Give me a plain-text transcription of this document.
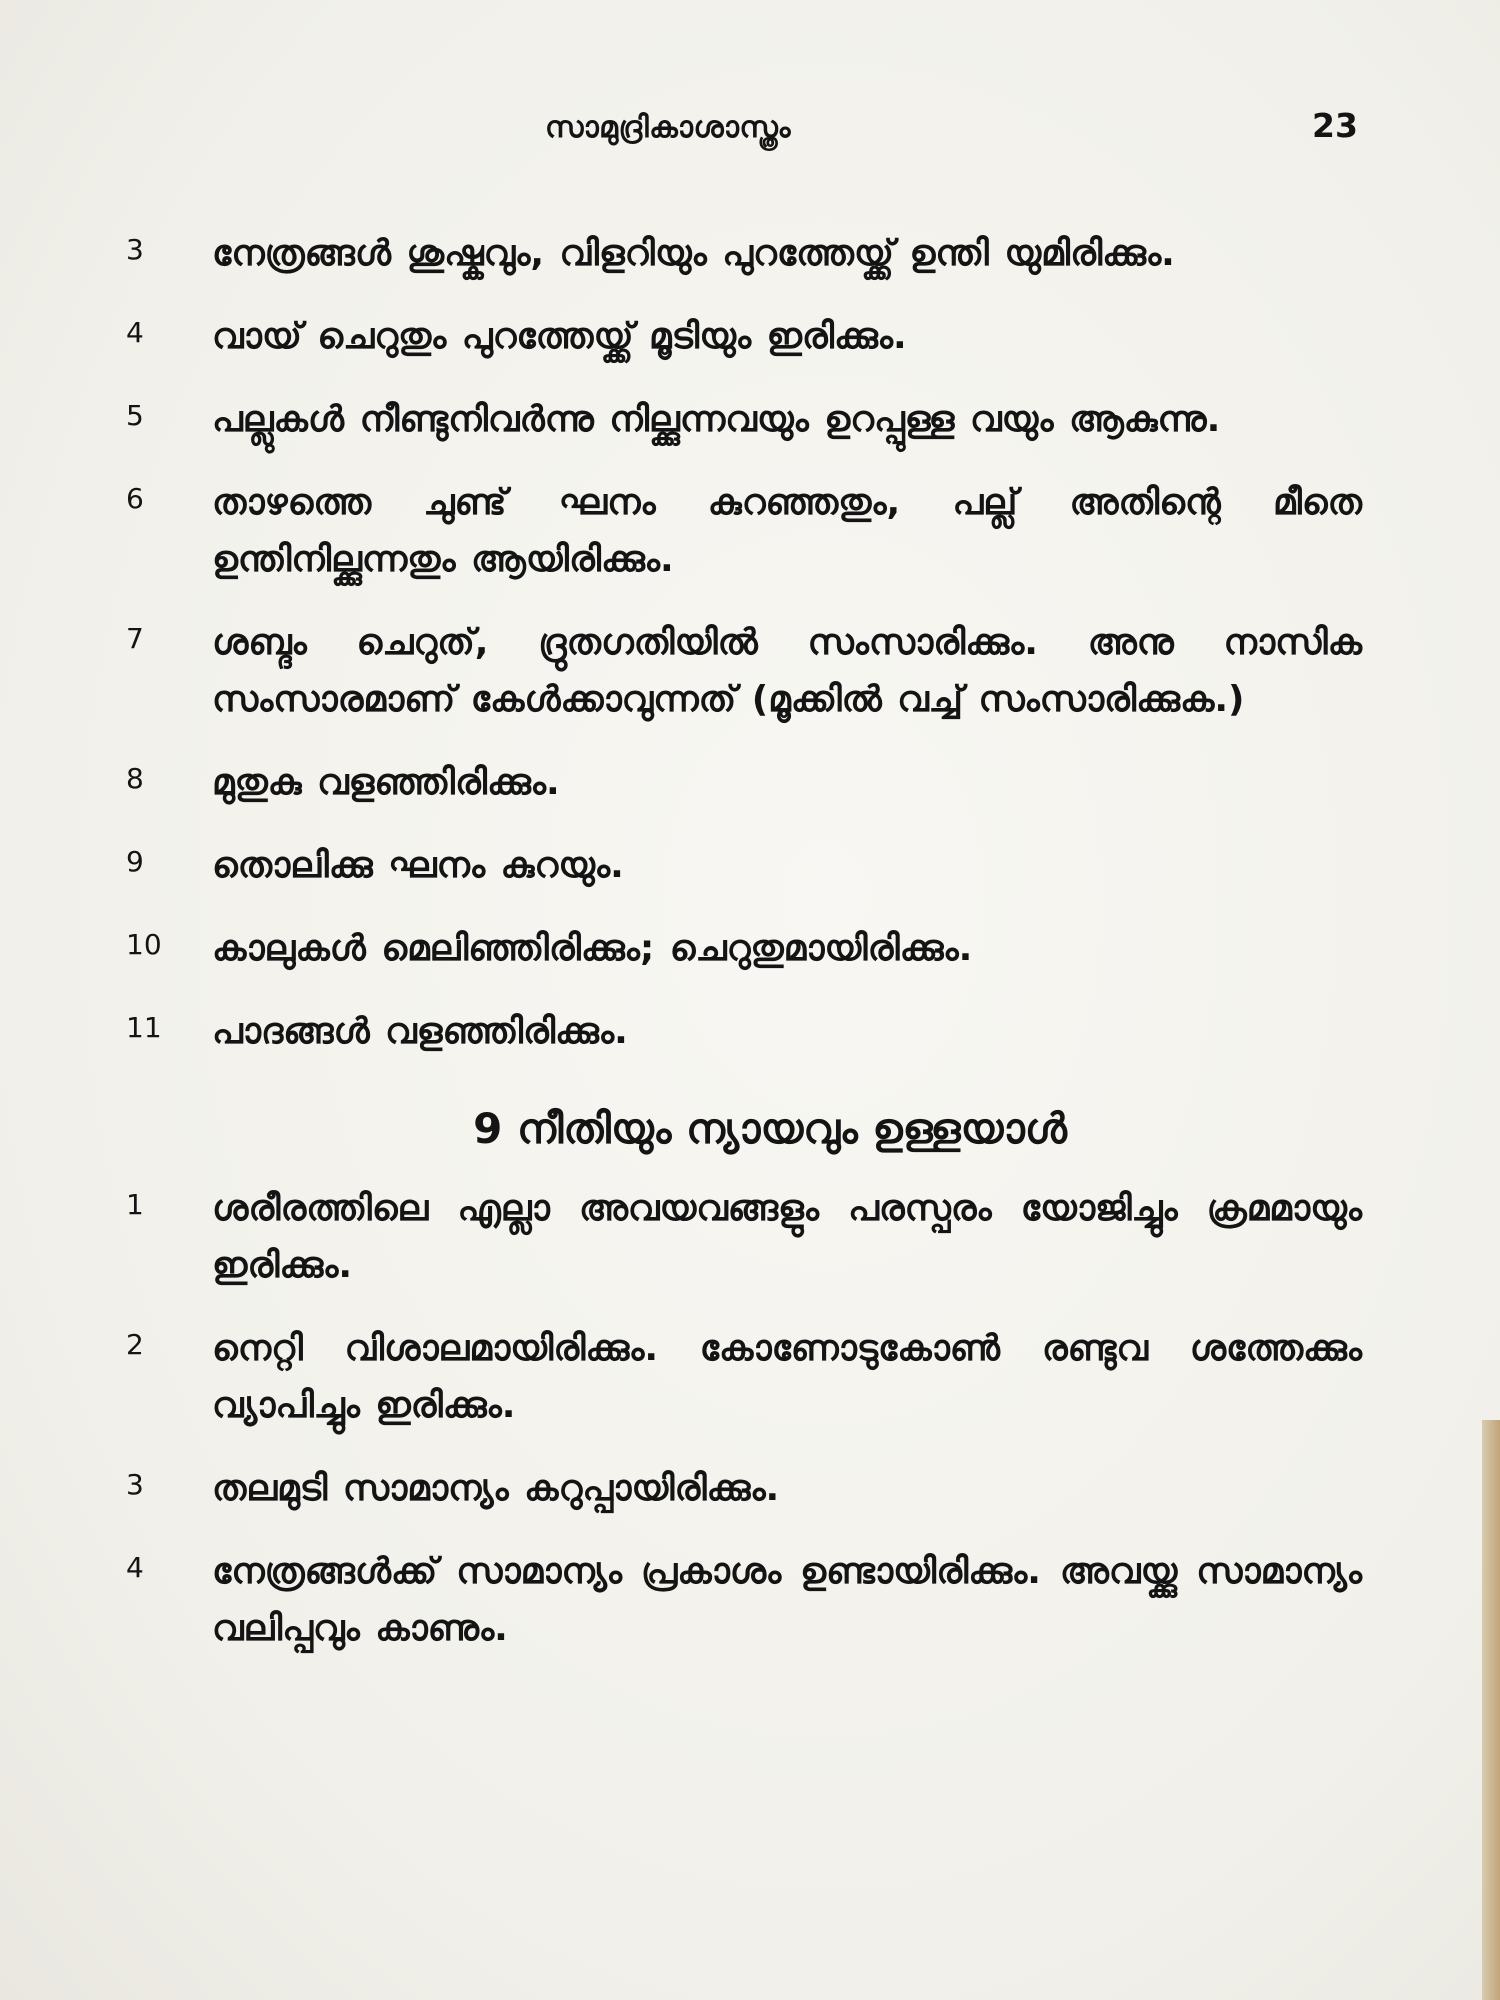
സാമുദ്രികാശാസ്ത്രം	23
3	നേത്രങ്ങൾ ശുഷ്കവും, വിളറിയും പുറത്തേയ്ക്ക് ഉന്തി യുമിരിക്കും.
4	വായ് ചെറുതും പുറത്തേയ്ക്ക് മൂടിയും ഇരിക്കും.
5	പല്ലുകൾ നീണ്ടുനിവർന്നു നില്ക്കുന്നവയും ഉറപ്പുള്ള വയും ആകുന്നു.
6	താഴത്തെ ചുണ്ട് ഘനം കുറഞ്ഞതും, പല്ല് അതിന്റെ മീതെ ഉന്തിനില്ക്കുന്നതും ആയിരിക്കും.
7	ശബ്ദം ചെറുത്, ദ്രുതഗതിയിൽ സംസാരിക്കും. അനു നാസിക സംസാരമാണ് കേൾക്കാവുന്നത് (മൂക്കിൽ വച്ച് സംസാരിക്കുക.)
8	മുതുകു വളഞ്ഞിരിക്കും.
9	തൊലിക്കു ഘനം കുറയും.
10	കാലുകൾ മെലിഞ്ഞിരിക്കും; ചെറുതുമായിരിക്കും.
11	പാദങ്ങൾ വളഞ്ഞിരിക്കും.
9 നീതിയും ന്യായവും ഉള്ളയാൾ
1	ശരീരത്തിലെ എല്ലാ അവയവങ്ങളും പരസ്പരം യോജിച്ചും ക്രമമായും ഇരിക്കും.
2	നെറ്റി വിശാലമായിരിക്കും. കോണോടുകോൺ രണ്ടുവ ശത്തേക്കും വ്യാപിച്ചും ഇരിക്കും.
3	തലമുടി സാമാന്യം കറുപ്പായിരിക്കും.
4	നേത്രങ്ങൾക്ക് സാമാന്യം പ്രകാശം ഉണ്ടായിരിക്കും. അവയ്ക്കു സാമാന്യം വലിപ്പവും കാണും.
